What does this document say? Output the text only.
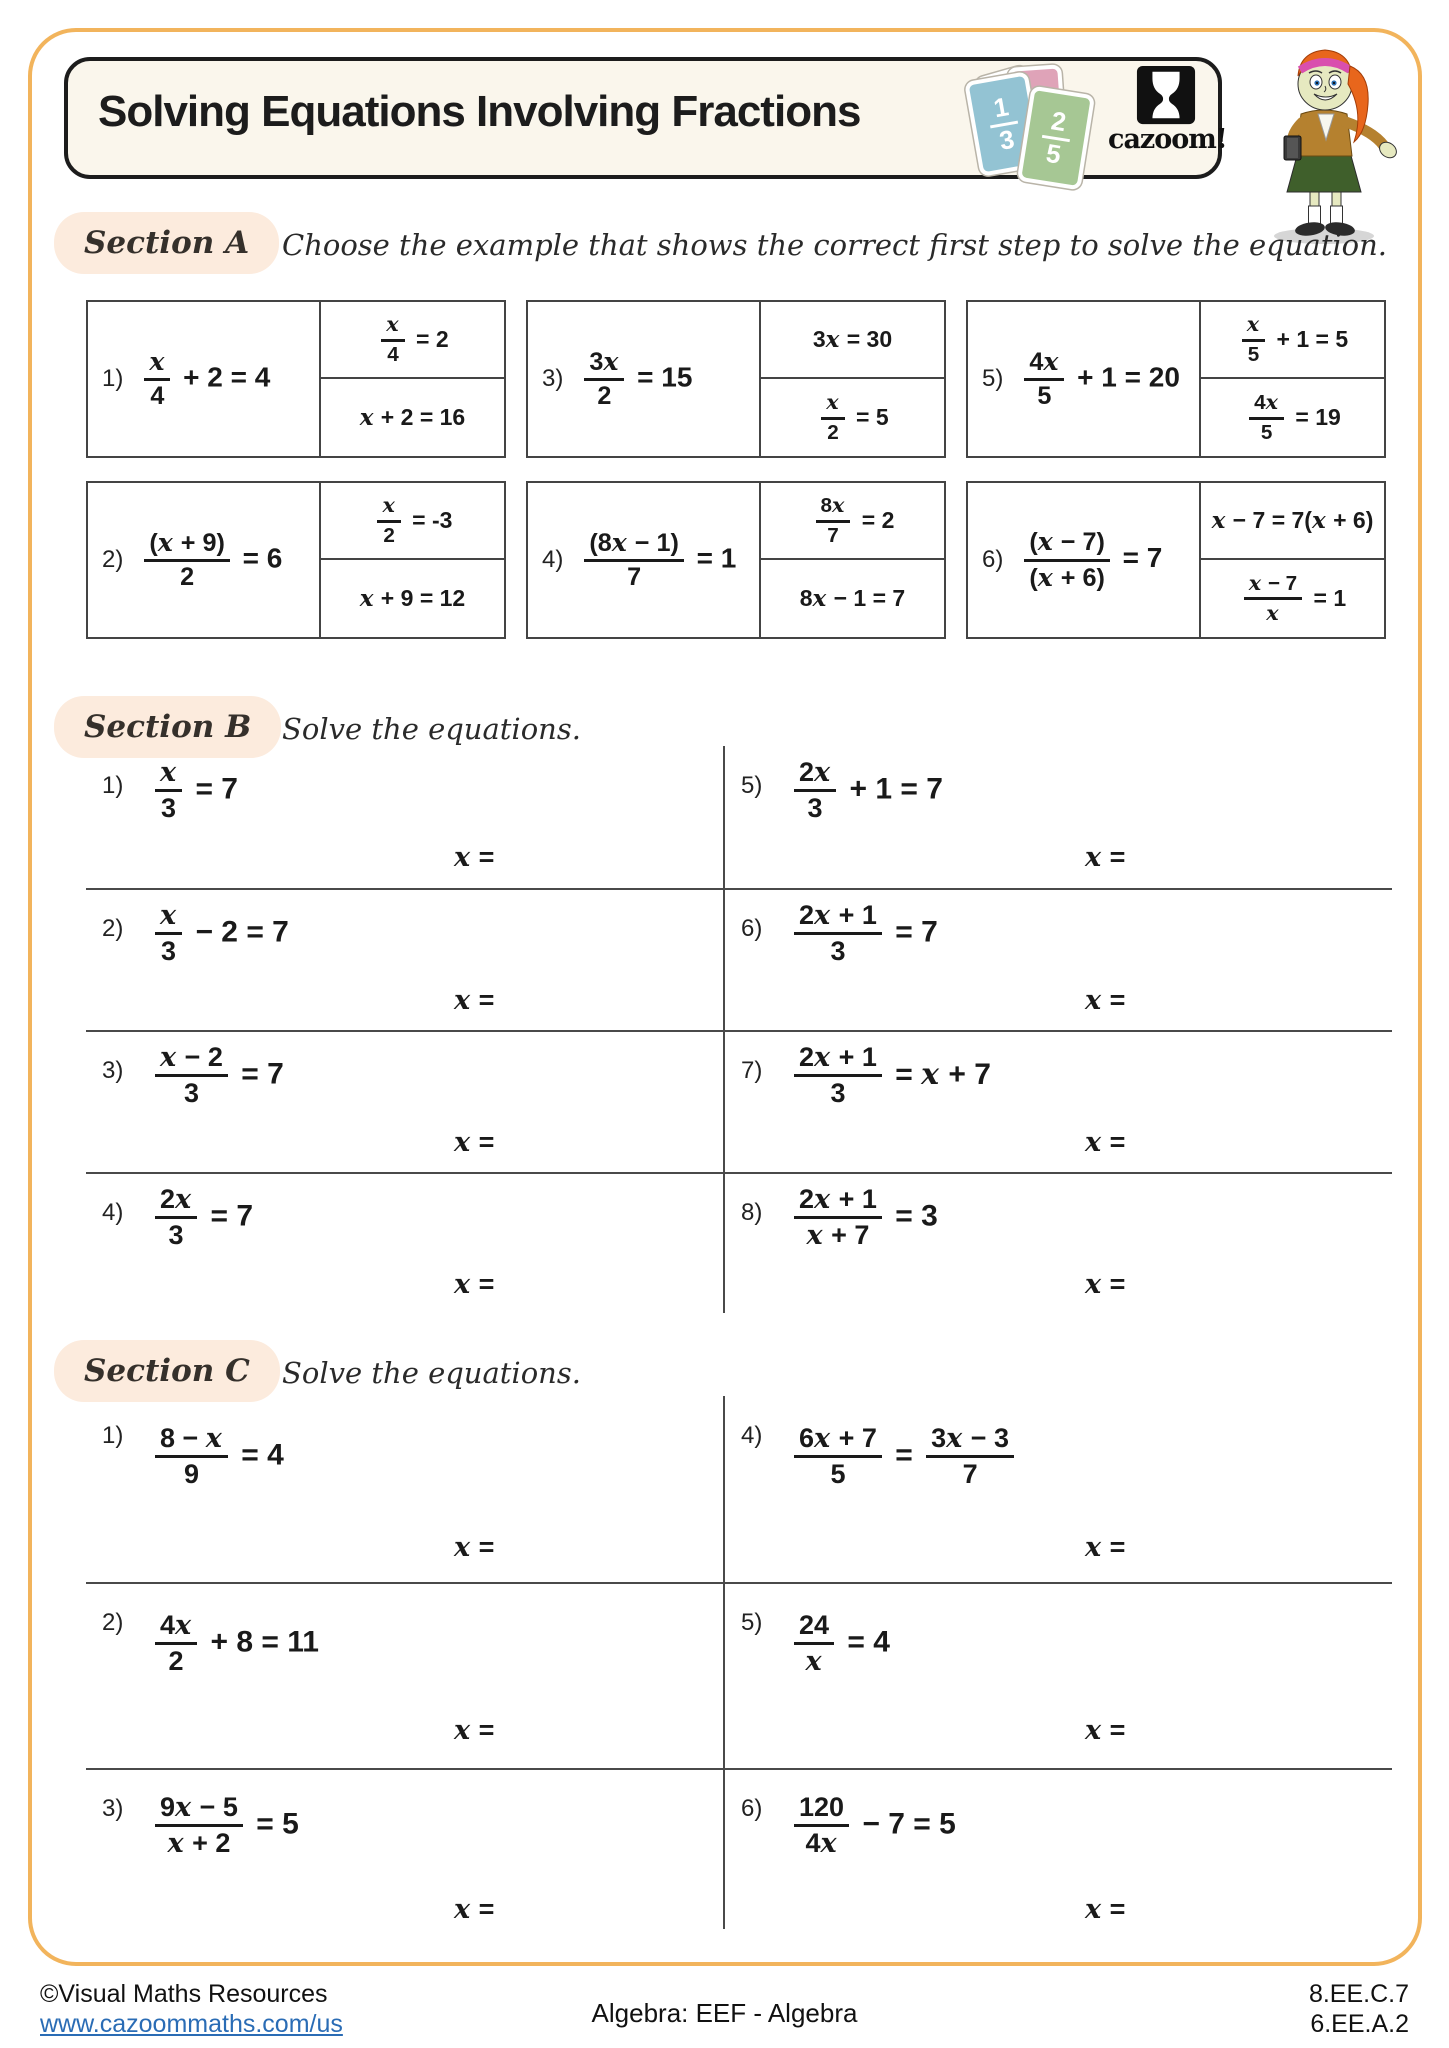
Solving Equations Involving Fractions	1
3
2
5 cazoom!
Section A	Choose the example that shows the correct first step to solve the equation.
$1) \frac{x}{4} + 2 = 4$
$\frac{x}{4} = 2$
x + 2 = 16
$3) \frac{3x}{2} = 15$
3x = 30
$\frac{x}{2} = 5$
$5) \frac{4x}{5} + 1 = 20$
$\frac{x}{5} + 1 = 5$
$\frac{4x}{5} = 19$
$2) \frac{(x + 9)}{2} = 6$
$\frac{x}{2} = -3$
x + 9 = 12
$4) \frac{(8x - 1)}{7} = 1$
$\frac{8x}{7} = 2$
8x − 1 = 7
$6) \frac{(x - 7)}{(x + 6)} = 7$
x − 7 = 7(x + 6)
$\frac{x - 7}{x} = 1$
Section B	Solve the equations.
$1) \frac{x}{3} = 7$
x =
$2) \frac{x}{3} - 2 = 7$
x =
$3) \frac{x - 2}{3} = 7$
x =
$4) \frac{2x}{3} = 7$
x =
$5) \frac{2x}{3} + 1 = 7$
x =
$6) \frac{2x + 1}{3} = 7$
x =
$7) \frac{2x + 1}{3} = x + 7$
x =
$8) \frac{2x + 1}{x + 7} = 3$
x =
Section C	Solve the equations.
$1) \frac{8 - x}{9} = 4$
x =
$2) \frac{4x}{2} + 8 = 11$
x =
$3) \frac{9x - 5}{x + 2} = 5$
x =
$4) \frac{6x + 7}{5} = \frac{3x - 3}{7}$
x =
$5) \frac{24}{x} = 4$
x =
$6) \frac{120}{4x} - 7 = 5$
x =
©Visual Maths Resources
www.cazoommaths.com/us	Algebra: EEF - Algebra
8.EE.C.7
6.EE.A.2
